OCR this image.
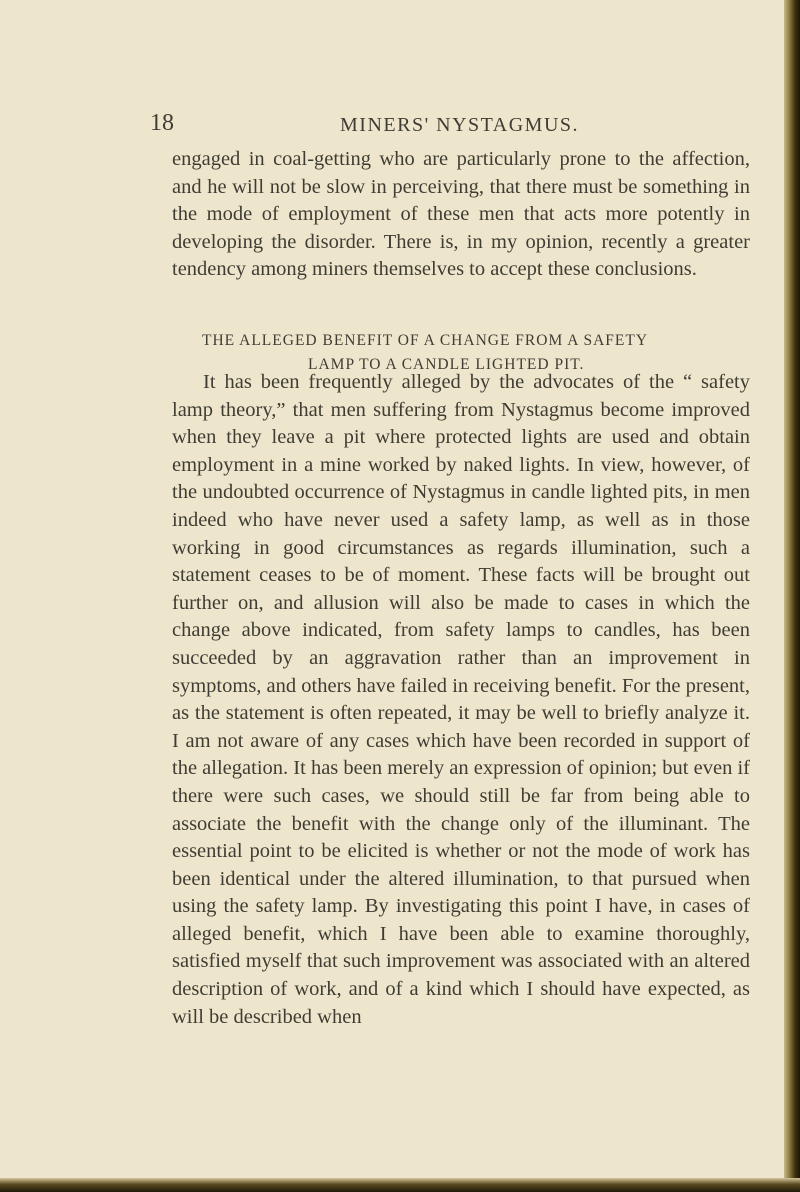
18	MINERS' NYSTAGMUS.

engaged in coal-getting who are particularly prone to the affection, and he will not be slow in perceiving, that there must be something in the mode of employment of these men that acts more potently in developing the disorder. There is, in my opinion, recently a greater tendency among miners themselves to accept these conclusions.

THE ALLEGED BENEFIT OF A CHANGE FROM A SAFETY
LAMP TO A CANDLE LIGHTED PIT.

It has been frequently alleged by the advocates of the “ safety lamp theory,” that men suffering from Nystagmus become improved when they leave a pit where protected lights are used and obtain employment in a mine worked by naked lights. In view, however, of the undoubted occurrence of Nystagmus in candle lighted pits, in men indeed who have never used a safety lamp, as well as in those working in good circumstances as regards illumination, such a statement ceases to be of moment. These facts will be brought out further on, and allusion will also be made to cases in which the change above indicated, from safety lamps to candles, has been succeeded by an aggravation rather than an improvement in symptoms, and others have failed in receiving benefit. For the present, as the statement is often repeated, it may be well to briefly analyze it. I am not aware of any cases which have been recorded in support of the allegation. It has been merely an expression of opinion; but even if there were such cases, we should still be far from being able to associate the benefit with the change only of the illuminant. The essential point to be elicited is whether or not the mode of work has been identical under the altered illumination, to that pursued when using the safety lamp. By investigating this point I have, in cases of alleged benefit, which I have been able to examine thoroughly, satisfied myself that such improvement was associated with an altered description of work, and of a kind which I should have expected, as will be described when
